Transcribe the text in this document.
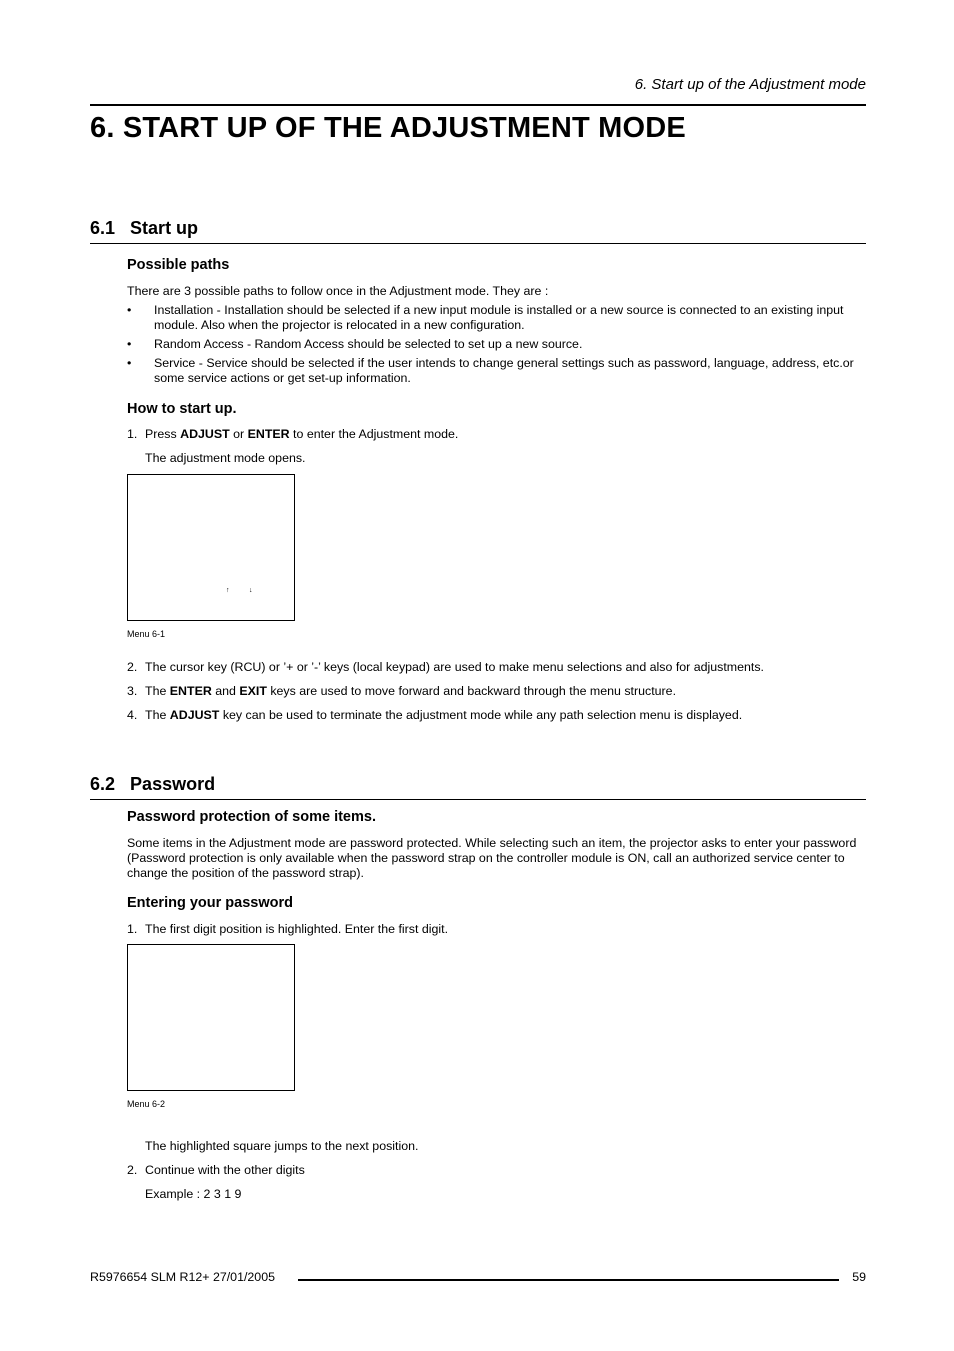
6. Start up of the Adjustment mode
6. START UP OF THE ADJUSTMENT MODE
6.1 Start up
Possible paths
There are 3 possible paths to follow once in the Adjustment mode. They are :
• Installation - Installation should be selected if a new input module is installed or a new source is connected to an existing input module. Also when the projector is relocated in a new configuration.
• Random Access - Random Access should be selected to set up a new source.
• Service - Service should be selected if the user intends to change general settings such as password, language, address, etc.or some service actions or get set-up information.
How to start up.
1. Press ADJUST or ENTER to enter the Adjustment mode.
The adjustment mode opens.
↑	↓
Menu 6-1
2. The cursor key (RCU) or ’+ or ’-’ keys (local keypad) are used to make menu selections and also for adjustments.
3. The ENTER and EXIT keys are used to move forward and backward through the menu structure.
4. The ADJUST key can be used to terminate the adjustment mode while any path selection menu is displayed.
6.2 Password
Password protection of some items.
Some items in the Adjustment mode are password protected. While selecting such an item, the projector asks to enter your password (Password protection is only available when the password strap on the controller module is ON, call an authorized service center to change the position of the password strap).
Entering your password
1. The first digit position is highlighted. Enter the first digit.
Menu 6-2
The highlighted square jumps to the next position.
2. Continue with the other digits
Example : 2 3 1 9
R5976654 SLM R12+ 27/01/2005	59
